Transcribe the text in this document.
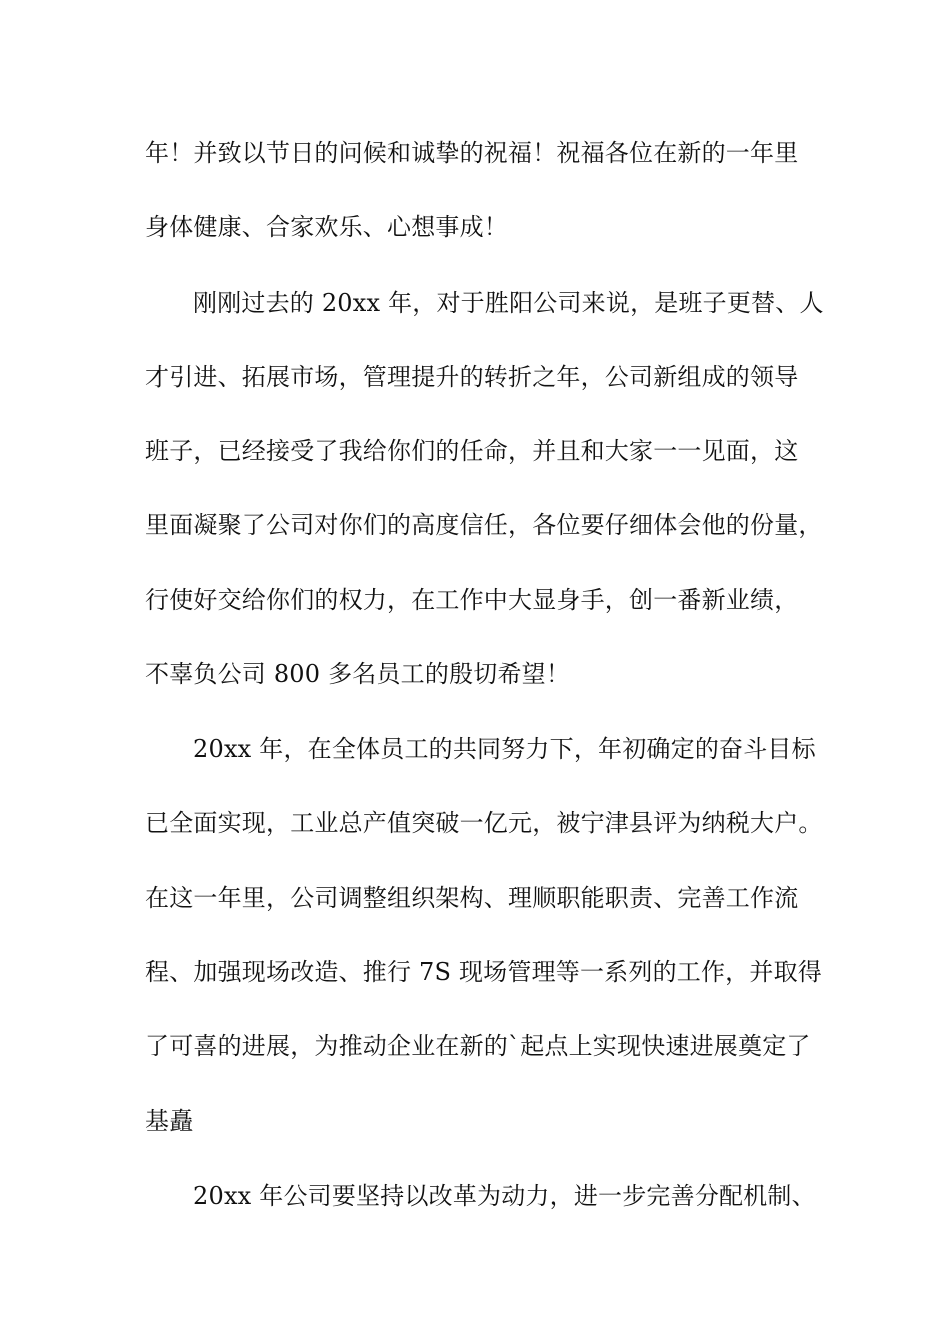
年！并致以节日的问候和诚挚的祝福！祝福各位在新的一年里
身体健康、合家欢乐、心想事成！
刚刚过去的 20xx 年，对于胜阳公司来说，是班子更替、人
才引进、拓展市场，管理提升的转折之年，公司新组成的领导
班子，已经接受了我给你们的任命，并且和大家一一见面，这
里面凝聚了公司对你们的高度信任，各位要仔细体会他的份量，
行使好交给你们的权力，在工作中大显身手，创一番新业绩，
不辜负公司 800 多名员工的殷切希望！
20xx 年，在全体员工的共同努力下，年初确定的奋斗目标
已全面实现，工业总产值突破一亿元，被宁津县评为纳税大户。
在这一年里，公司调整组织架构、理顺职能职责、完善工作流
程、加强现场改造、推行 7S 现场管理等一系列的工作，并取得
了可喜的进展，为推动企业在新的`起点上实现快速进展奠定了
基矗
20xx 年公司要坚持以改革为动力，进一步完善分配机制、
